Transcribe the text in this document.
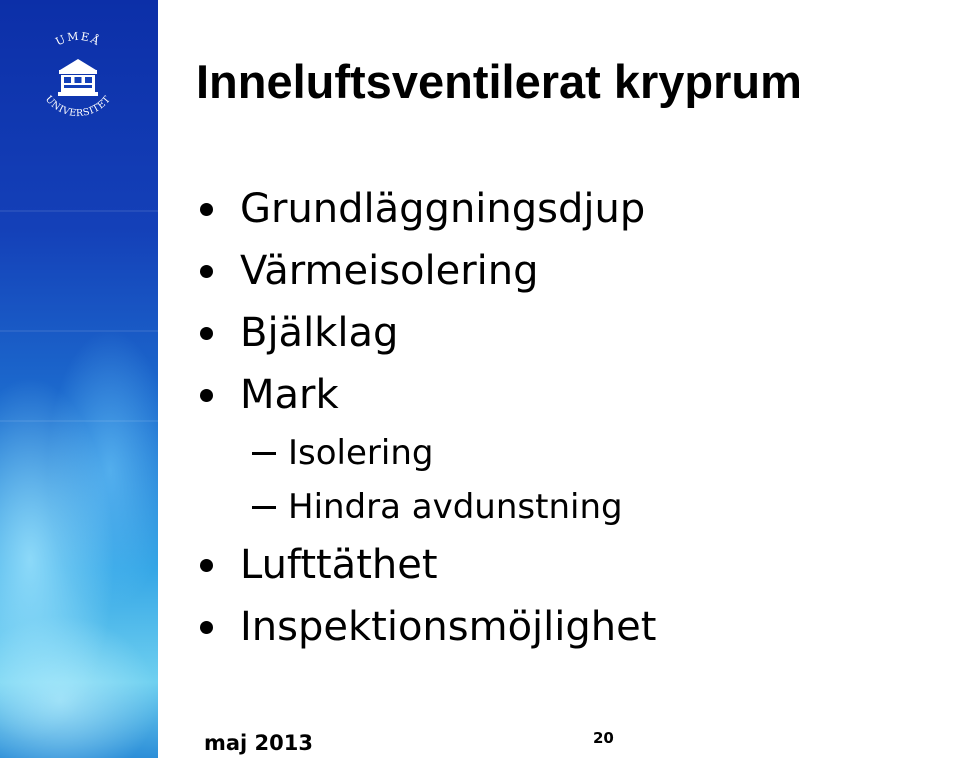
UMEÅ
UNIVERSITET Inneluftsventilerat kryprum
Grundläggningsdjup
Värmeisolering
Bjälklag
Mark
Isolering
Hindra avdunstning
Lufttäthet
Inspektionsmöjlighet
maj 2013	20
